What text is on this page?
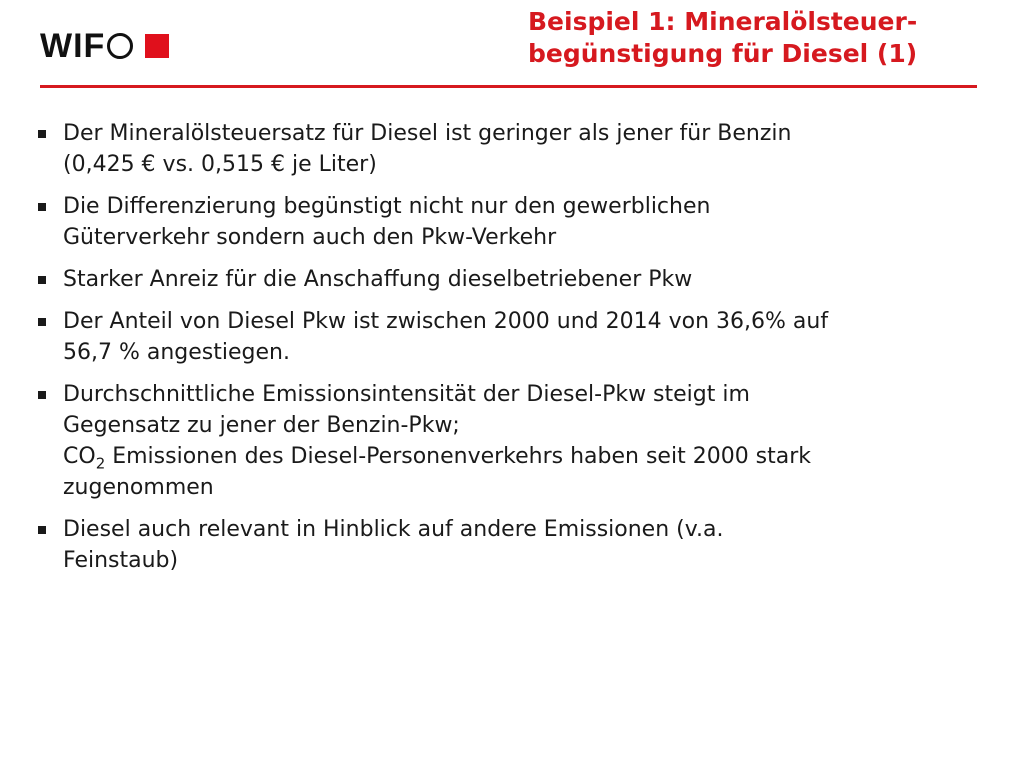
WIF
Beispiel 1: Mineralölsteuer-
begünstigung für Diesel (1)
Der Mineralölsteuersatz für Diesel ist geringer als jener für Benzin
(0,425 € vs. 0,515 € je Liter)
Die Differenzierung begünstigt nicht nur den gewerblichen
Güterverkehr sondern auch den Pkw-Verkehr
Starker Anreiz für die Anschaffung dieselbetriebener Pkw
Der Anteil von Diesel Pkw ist zwischen 2000 und 2014 von 36,6% auf
56,7 % angestiegen.
Durchschnittliche Emissionsintensität der Diesel-Pkw steigt im
Gegensatz zu jener der Benzin-Pkw;
$CO_2$ Emissionen des Diesel-Personenverkehrs haben seit 2000 stark
zugenommen
Diesel auch relevant in Hinblick auf andere Emissionen (v.a.
Feinstaub)
